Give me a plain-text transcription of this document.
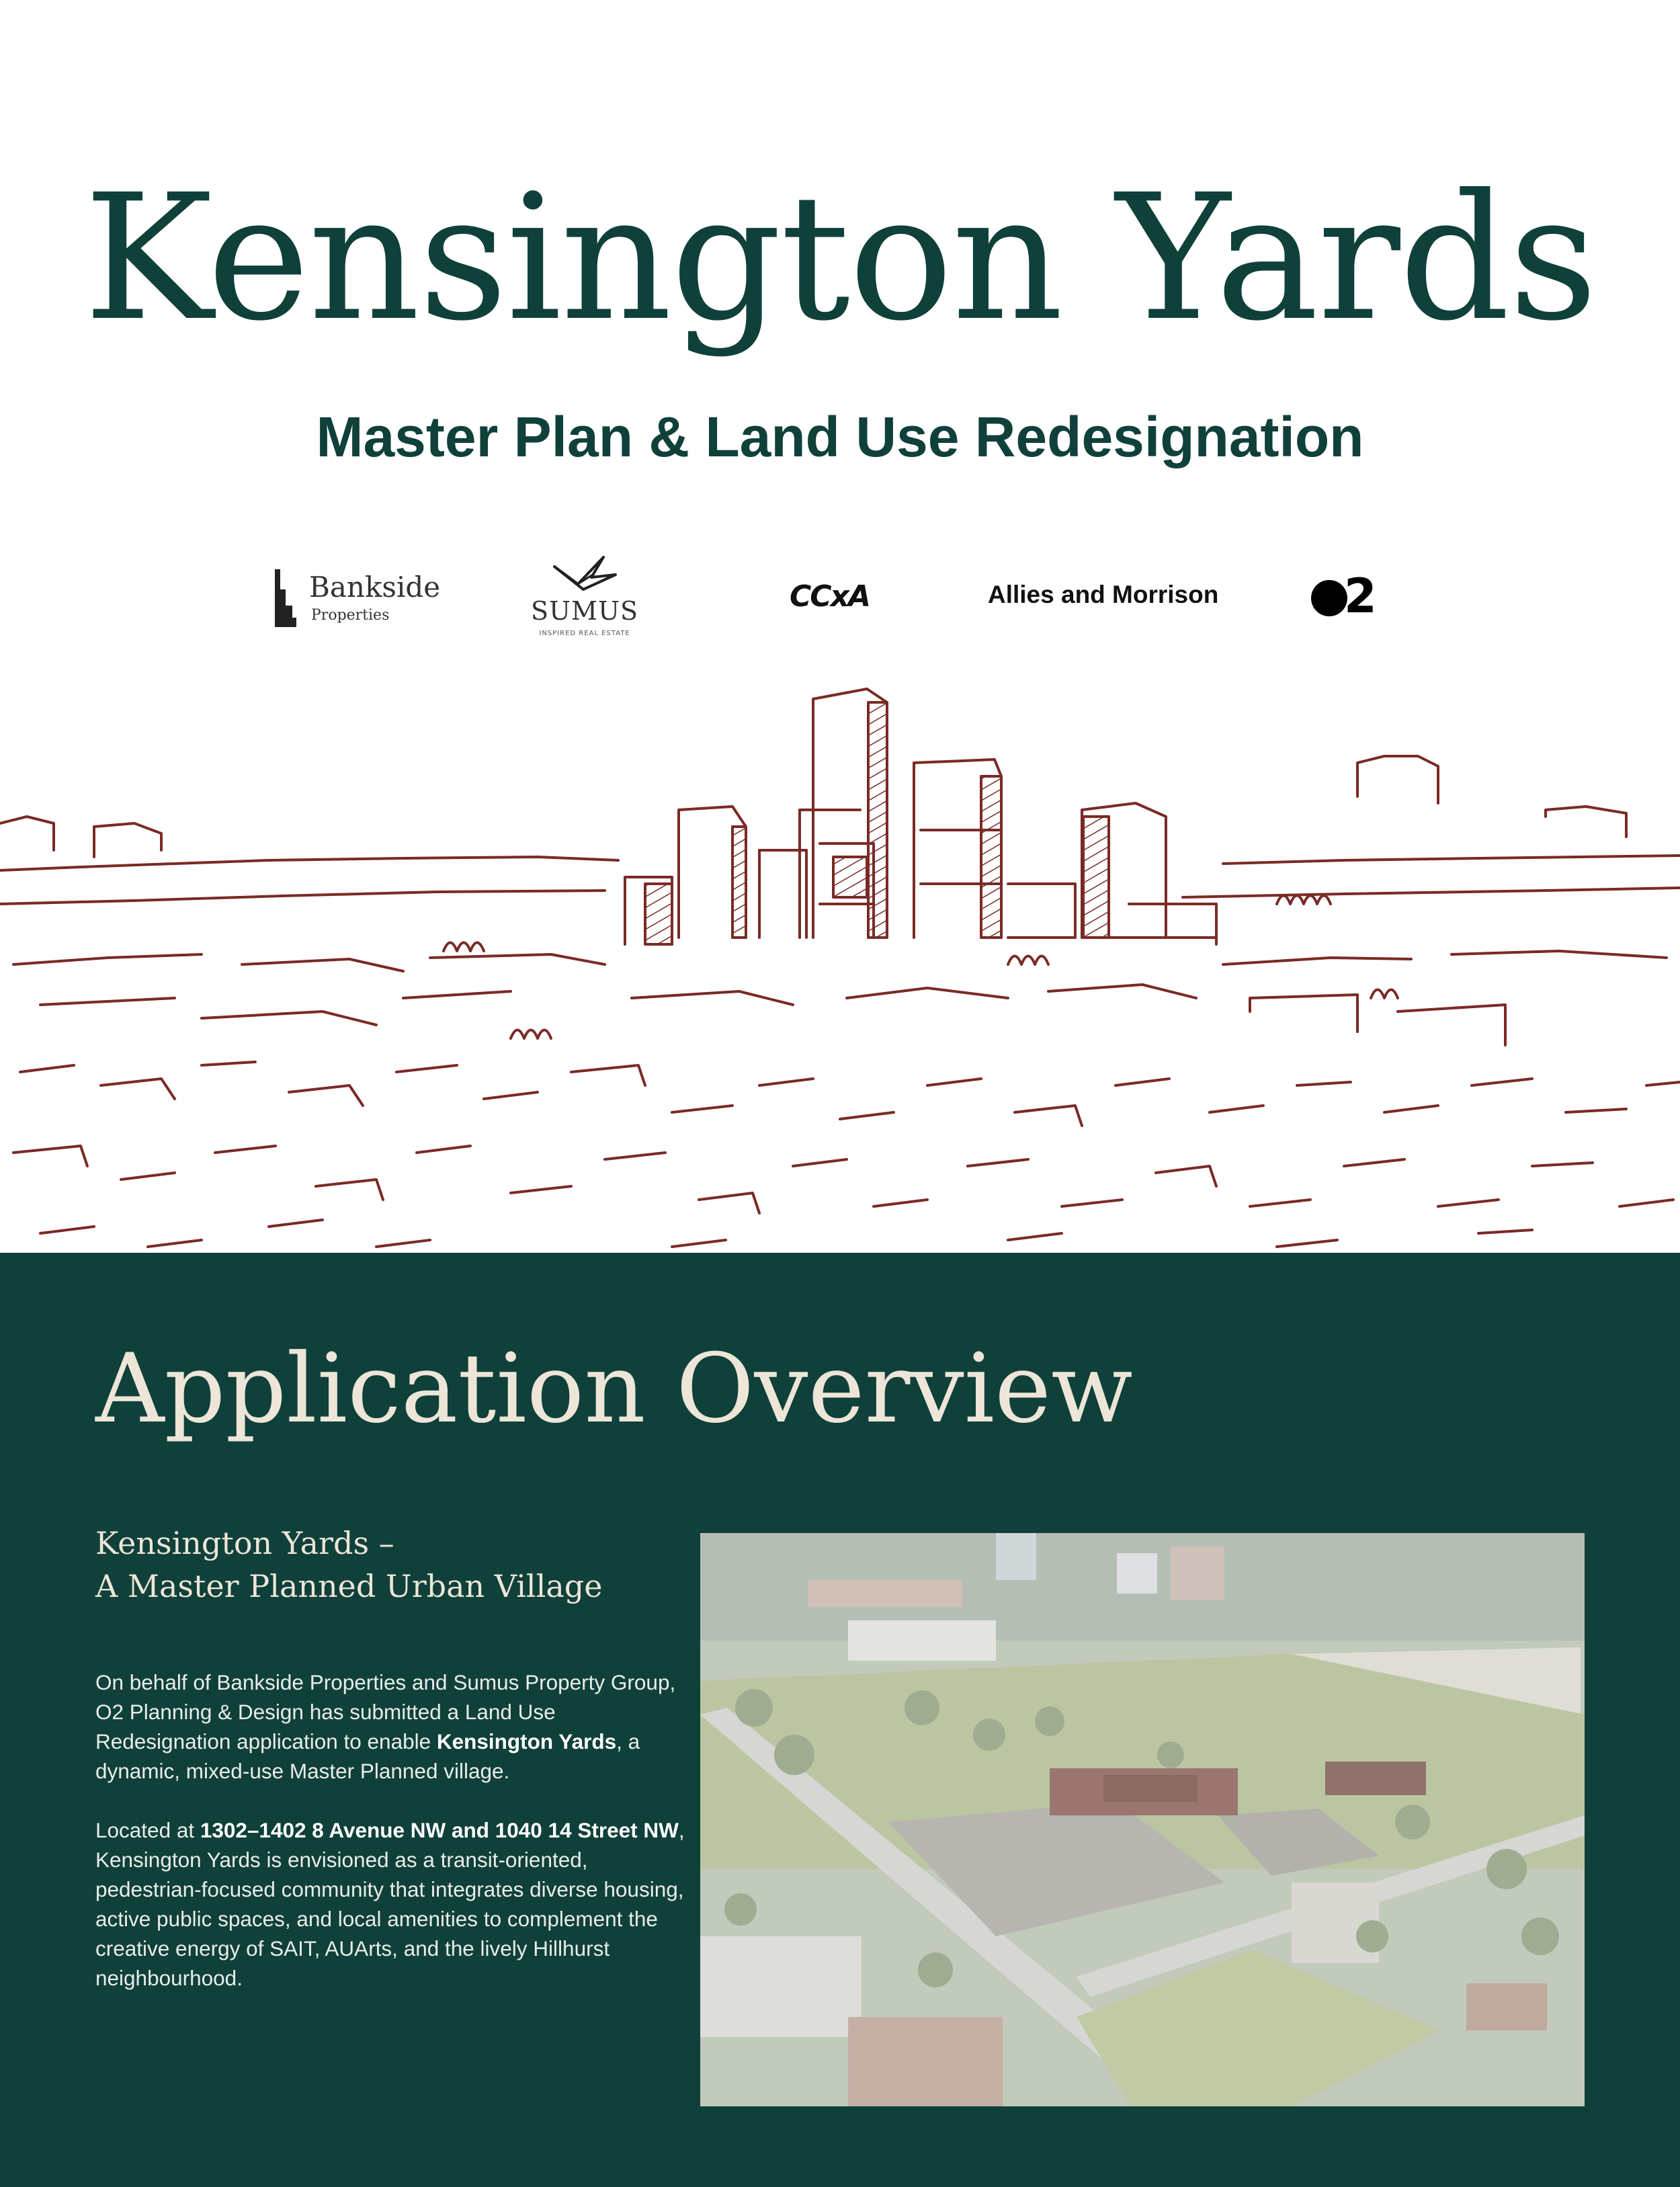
Kensington Yards
Master Plan & Land Use Redesignation
Bankside
Properties	SUMUS
INSPIRED REAL ESTATE
CCxA	Allies and Morrison	2
Application Overview
Kensington Yards –
A Master Planned Urban Village

On behalf of Bankside Properties and Sumus Property Group, O2 Planning & Design has submitted a Land Use Redesignation application to enable Kensington Yards, a dynamic, mixed-use Master Planned village.

Located at 1302–1402 8 Avenue NW and 1040 14 Street NW, Kensington Yards is envisioned as a transit-oriented, pedestrian-focused community that integrates diverse housing, active public spaces, and local amenities to complement the creative energy of SAIT, AUArts, and the lively Hillhurst neighbourhood.
